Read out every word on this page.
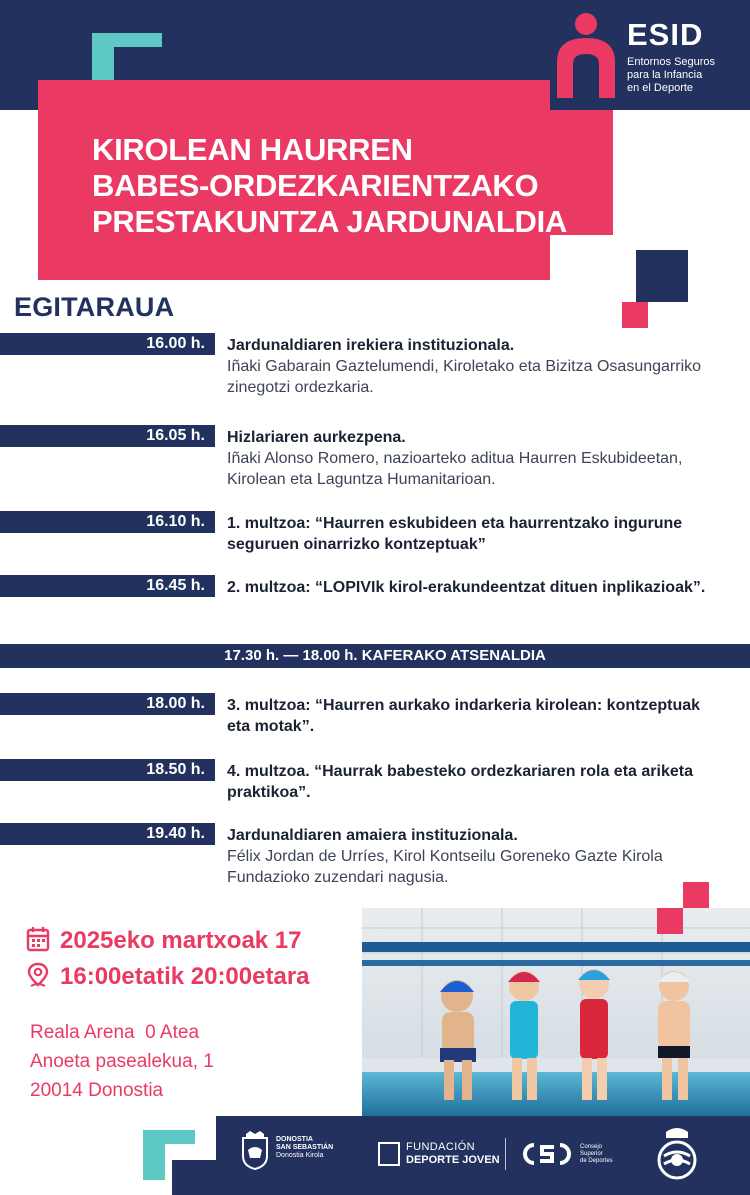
KIROLEAN HAURREN
BABES-ORDEZKARIENTZAKO
PRESTAKUNTZA JARDUNALDIA
ESID
Entornos Seguros
para la Infancia
en el Deporte
EGITARAUA
16.00 h.	Jardunaldiaren irekiera instituzionala.
Iñaki Gabarain Gaztelumendi, Kiroletako eta Bizitza Osasungarriko zinegotzi ordezkaria.
16.05 h.	Hizlariaren aurkezpena.
Iñaki Alonso Romero, nazioarteko aditua Haurren Eskubideetan, Kirolean eta Laguntza Humanitarioan.
16.10 h.	1. multzoa: “Haurren eskubideen eta haurrentzako ingurune seguruen oinarrizko kontzeptuak”
16.45 h.	2. multzoa: “LOPIVIk kirol-erakundeentzat dituen inplikazioak”.
17.30 h. — 18.00 h. KAFERAKO ATSENALDIA
18.00 h.	3. multzoa: “Haurren aurkako indarkeria kirolean: kontzeptuak eta motak”.
18.50 h.	4. multzoa. “Haurrak babesteko ordezkariaren rola eta ariketa praktikoa”.
19.40 h.	Jardunaldiaren amaiera instituzionala.
Félix Jordan de Urríes, Kirol Kontseilu Goreneko Gazte Kirola Fundazioko zuzendari nagusia.
2025eko martxoak 17
16:00etatik 20:00etara
Reala Arena  0 Atea
Anoeta pasealekua, 1
20014 Donostia
DONOSTIA
SAN SEBASTIÁN
Donostia Kirola
FUNDACIÓN
DEPORTE JOVEN
Consejo
Superior
de Deportes
